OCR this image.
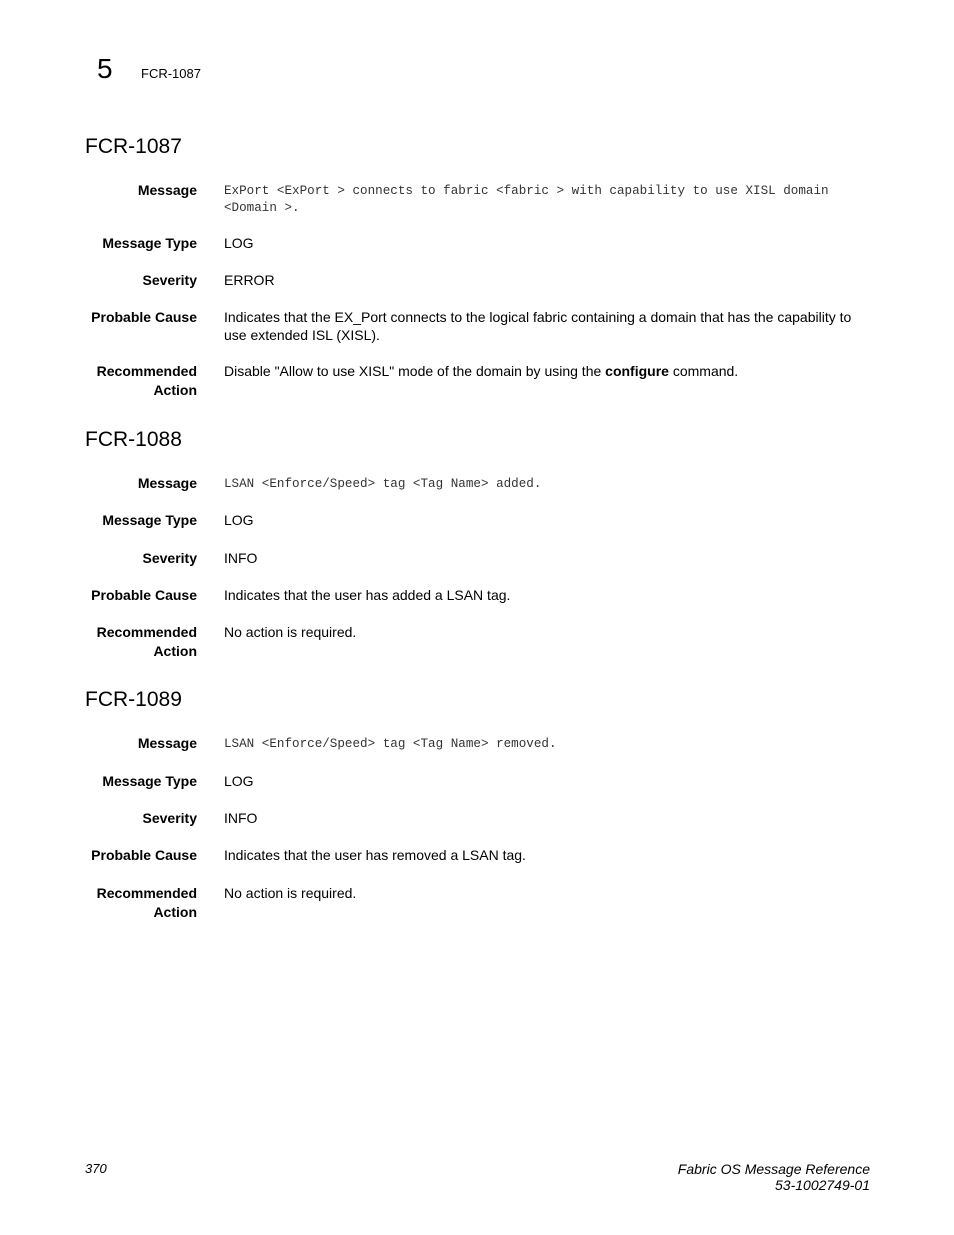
5 FCR-1087
FCR-1087
Message ExPort <ExPort > connects to fabric <fabric > with capability to use XISL domain
<Domain >.
Message Type LOG
Severity ERROR
Probable Cause Indicates that the EX_Port connects to the logical fabric containing a domain that has the capability to use extended ISL (XISL).
Recommended
Action
Disable "Allow to use XISL" mode of the domain by using the configure command.
FCR-1088
Message LSAN <Enforce/Speed> tag <Tag Name> added.
Message Type LOG
Severity INFO
Probable Cause Indicates that the user has added a LSAN tag.
Recommended
Action
No action is required.
FCR-1089
Message LSAN <Enforce/Speed> tag <Tag Name> removed.
Message Type LOG
Severity INFO
Probable Cause Indicates that the user has removed a LSAN tag.
Recommended
Action
No action is required.
370	Fabric OS Message Reference
53-1002749-01
